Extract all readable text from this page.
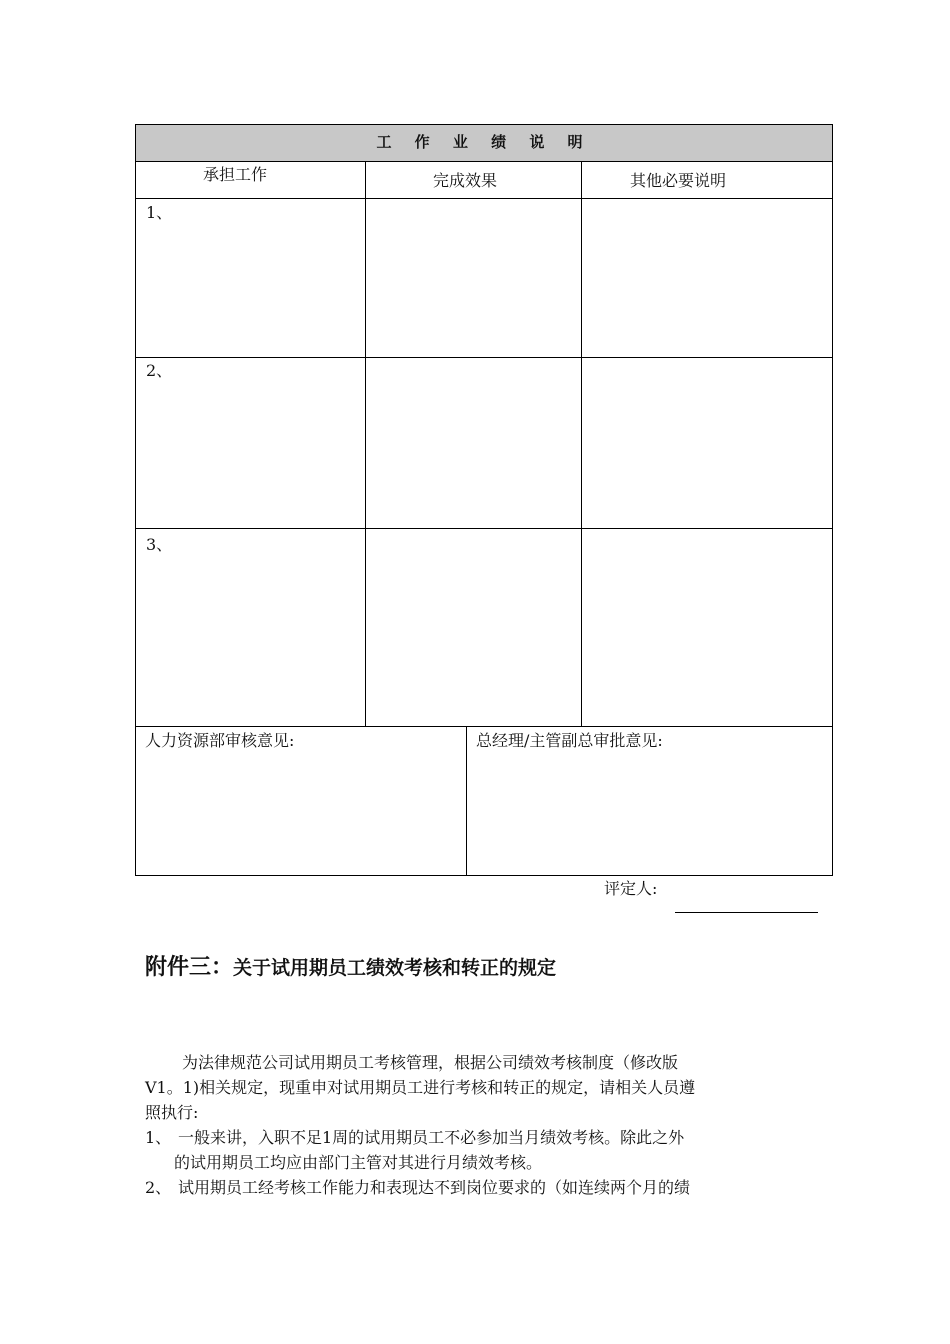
工 作 业 绩 说 明
承担工作	完成效果	其他必要说明
1、
2、
3、
人力资源部审核意见:	总经理/主管副总审批意见:
评定人:
附件三：关于试用期员工绩效考核和转正的规定
为法律规范公司试用期员工考核管理，根据公司绩效考核制度（修改版
V1。1)相关规定，现重申对试用期员工进行考核和转正的规定，请相关人员遵
照执行:
1、 一般来讲，入职不足1周的试用期员工不必参加当月绩效考核。除此之外
的试用期员工均应由部门主管对其进行月绩效考核。
2、 试用期员工经考核工作能力和表现达不到岗位要求的（如连续两个月的绩
